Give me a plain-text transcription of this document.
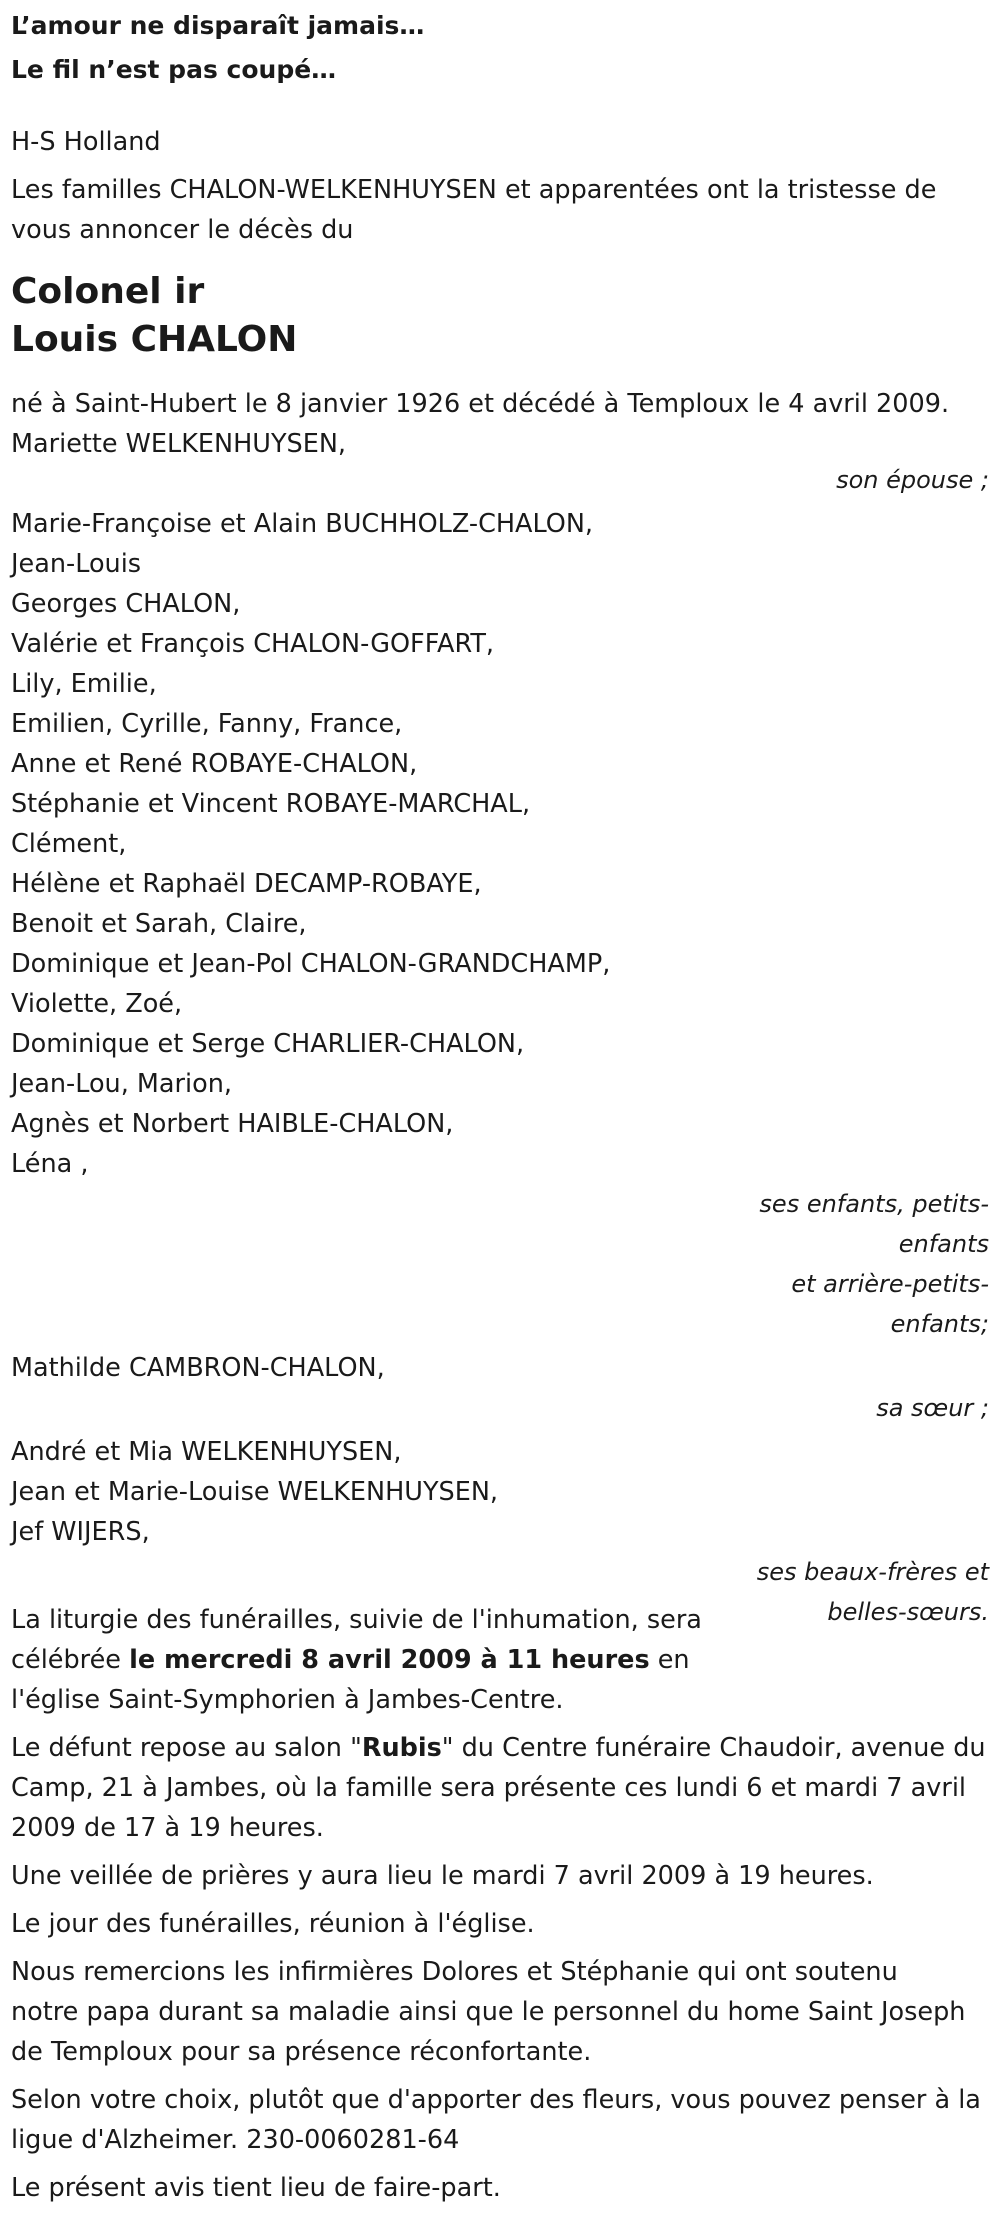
L’amour ne disparaît jamais…
Le fil n’est pas coupé…

H-S Holland

Les familles CHALON-WELKENHUYSEN et apparentées ont la tristesse de vous annoncer le décès du

Colonel ir
Louis CHALON

né à Saint-Hubert le 8 janvier 1926 et décédé à Temploux le 4 avril 2009.

Mariette WELKENHUYSEN,
son épouse ;
Marie-Françoise et Alain BUCHHOLZ-CHALON,
Jean-Louis
Georges CHALON,
Valérie et François CHALON-GOFFART,
Lily, Emilie,
Emilien, Cyrille, Fanny, France,
Anne et René ROBAYE-CHALON,
Stéphanie et Vincent ROBAYE-MARCHAL,
Clément,
Hélène et Raphaël DECAMP-ROBAYE,
Benoit et Sarah, Claire,
Dominique et Jean-Pol CHALON-GRANDCHAMP,
Violette, Zoé,
Dominique et Serge CHARLIER-CHALON,
Jean-Lou, Marion,
Agnès et Norbert HAIBLE-CHALON,
Léna ,
ses enfants, petits-enfants
et arrière-petits-enfants;
Mathilde CAMBRON-CHALON,
sa sœur ;
André et Mia WELKENHUYSEN,
Jean et Marie-Louise WELKENHUYSEN,
Jef WIJERS,
ses beaux-frères et belles-sœurs.

La liturgie des funérailles, suivie de l'inhumation, sera célébrée le mercredi 8 avril 2009 à 11 heures en l'église Saint-Symphorien à Jambes-Centre.

Le défunt repose au salon "Rubis" du Centre funéraire Chaudoir, avenue du Camp, 21 à Jambes, où la famille sera présente ces lundi 6 et mardi 7 avril 2009 de 17 à 19 heures.

Une veillée de prières y aura lieu le mardi 7 avril 2009 à 19 heures.

Le jour des funérailles, réunion à l'église.

Nous remercions les infirmières Dolores et Stéphanie qui ont soutenu notre papa durant sa maladie ainsi que le personnel du home Saint Joseph de Temploux pour sa présence réconfortante.

Selon votre choix, plutôt que d'apporter des fleurs, vous pouvez penser à la ligue d'Alzheimer. 230-0060281-64

Le présent avis tient lieu de faire-part.
